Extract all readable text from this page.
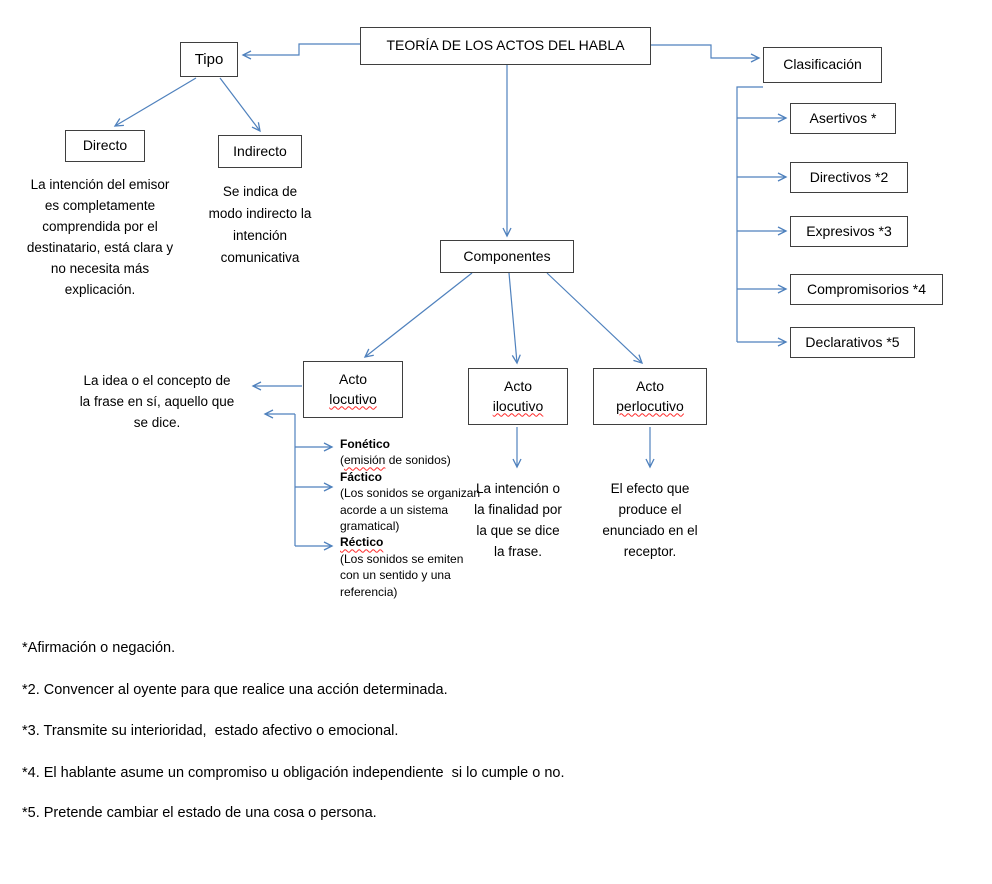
TEORÍA DE LOS ACTOS DEL HABLA
Tipo	Clasificación
Directo	Indirecto
La intención del emisor es completamente comprendida por el destinatario, está clara y no necesita más explicación.
Se indica de modo indirecto la intención comunicativa	Componentes
Asertivos *
Directivos *2
Expresivos *3
Compromisorios *4
Declarativos *5
Acto
locutivo
Acto
ilocutivo
Acto
perlocutivo
La idea o el concepto de la frase en sí, aquello que se dice.
Fonético
(emisión de sonidos)
Fáctico
(Los sonidos se organizan acorde a un sistema gramatical)
Réctico
(Los sonidos se emiten con un sentido y una referencia)
La intención o la finalidad por la que se dice la frase.
El efecto que produce el enunciado en el receptor.
*Afirmación o negación.
*2. Convencer al oyente para que realice una acción determinada.
*3. Transmite su interioridad,  estado afectivo o emocional.
*4. El hablante asume un compromiso u obligación independiente  si lo cumple o no.
*5. Pretende cambiar el estado de una cosa o persona.
